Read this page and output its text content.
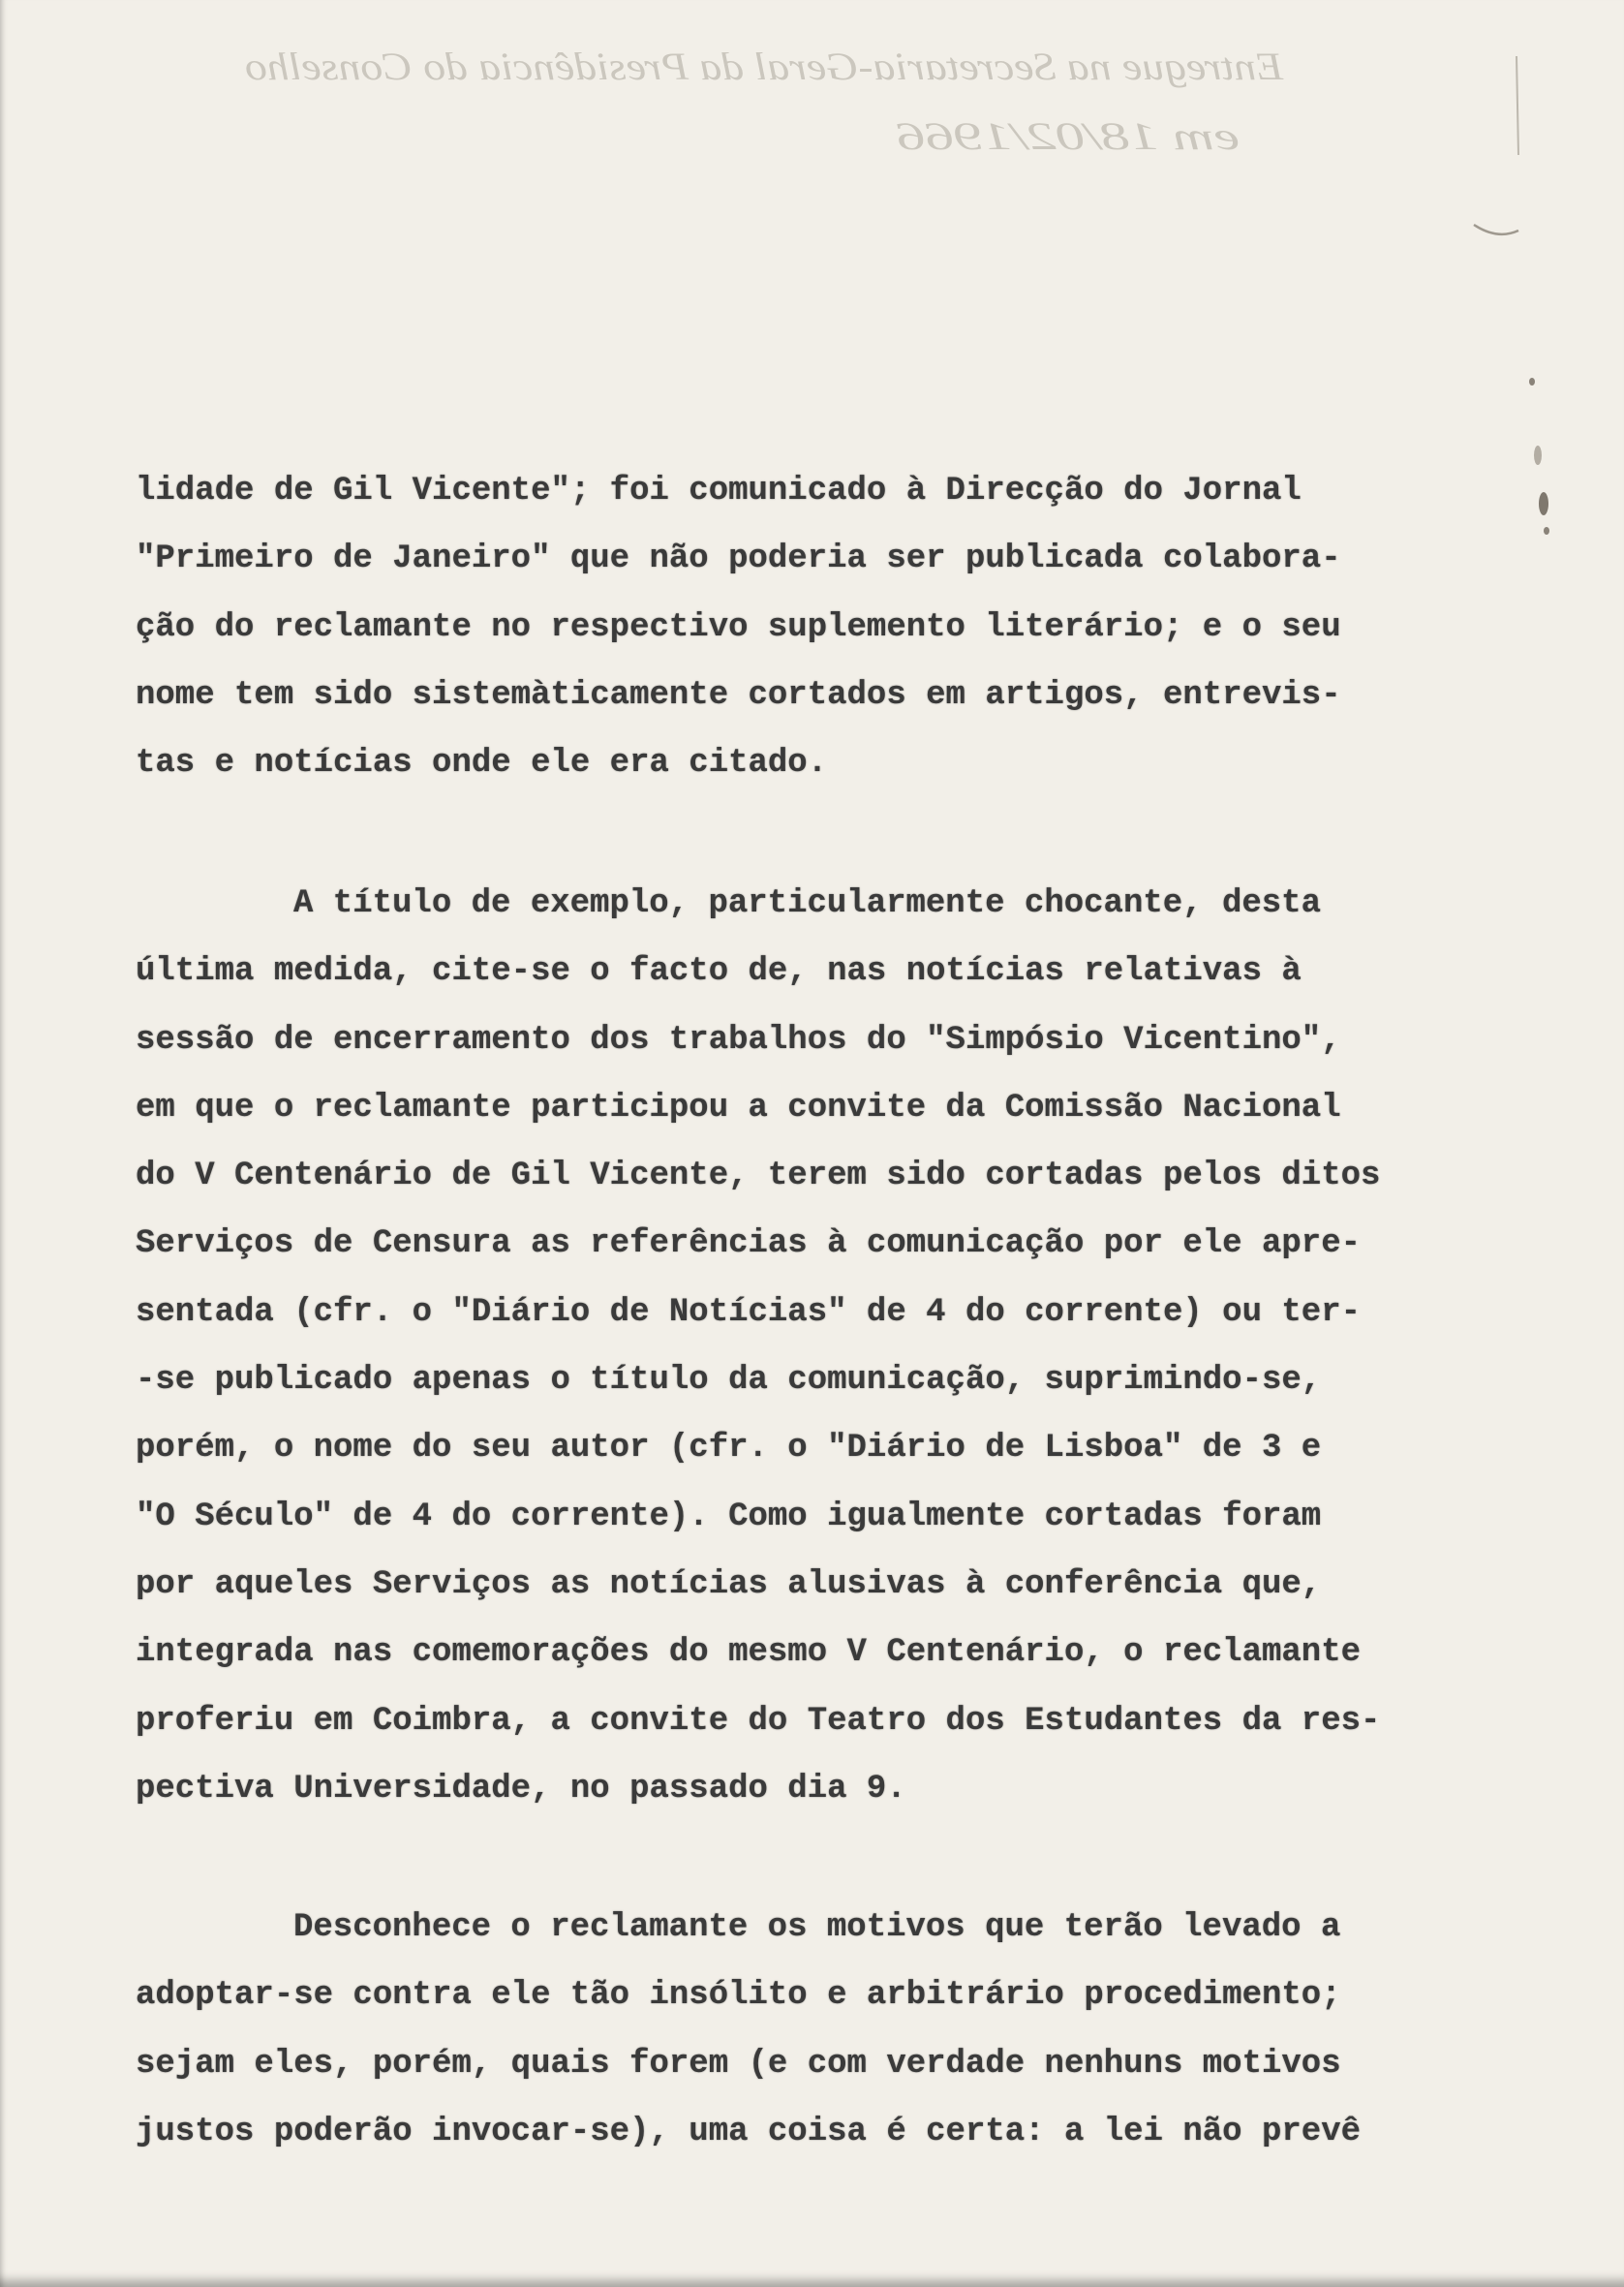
Entregue na Secretaria-Geral da Presidência do Conselho
em 18/02/1966
lidade de Gil Vicente"; foi comunicado à Direcção do Jornal
"Primeiro de Janeiro" que não poderia ser publicada colabora-
ção do reclamante no respectivo suplemento literário; e o seu
nome tem sido sistemàticamente cortados em artigos, entrevis-
tas e notícias onde ele era citado.
A título de exemplo, particularmente chocante, desta
última medida, cite-se o facto de, nas notícias relativas à
sessão de encerramento dos trabalhos do "Simpósio Vicentino",
em que o reclamante participou a convite da Comissão Nacional
do V Centenário de Gil Vicente, terem sido cortadas pelos ditos
Serviços de Censura as referências à comunicação por ele apre-
sentada (cfr. o "Diário de Notícias" de 4 do corrente) ou ter-
-se publicado apenas o título da comunicação, suprimindo-se,
porém, o nome do seu autor (cfr. o "Diário de Lisboa" de 3 e
"O Século" de 4 do corrente). Como igualmente cortadas foram
por aqueles Serviços as notícias alusivas à conferência que,
integrada nas comemorações do mesmo V Centenário, o reclamante
proferiu em Coimbra, a convite do Teatro dos Estudantes da res-
pectiva Universidade, no passado dia 9.
Desconhece o reclamante os motivos que terão levado a
adoptar-se contra ele tão insólito e arbitrário procedimento;
sejam eles, porém, quais forem (e com verdade nenhuns motivos
justos poderão invocar-se), uma coisa é certa: a lei não prevê
